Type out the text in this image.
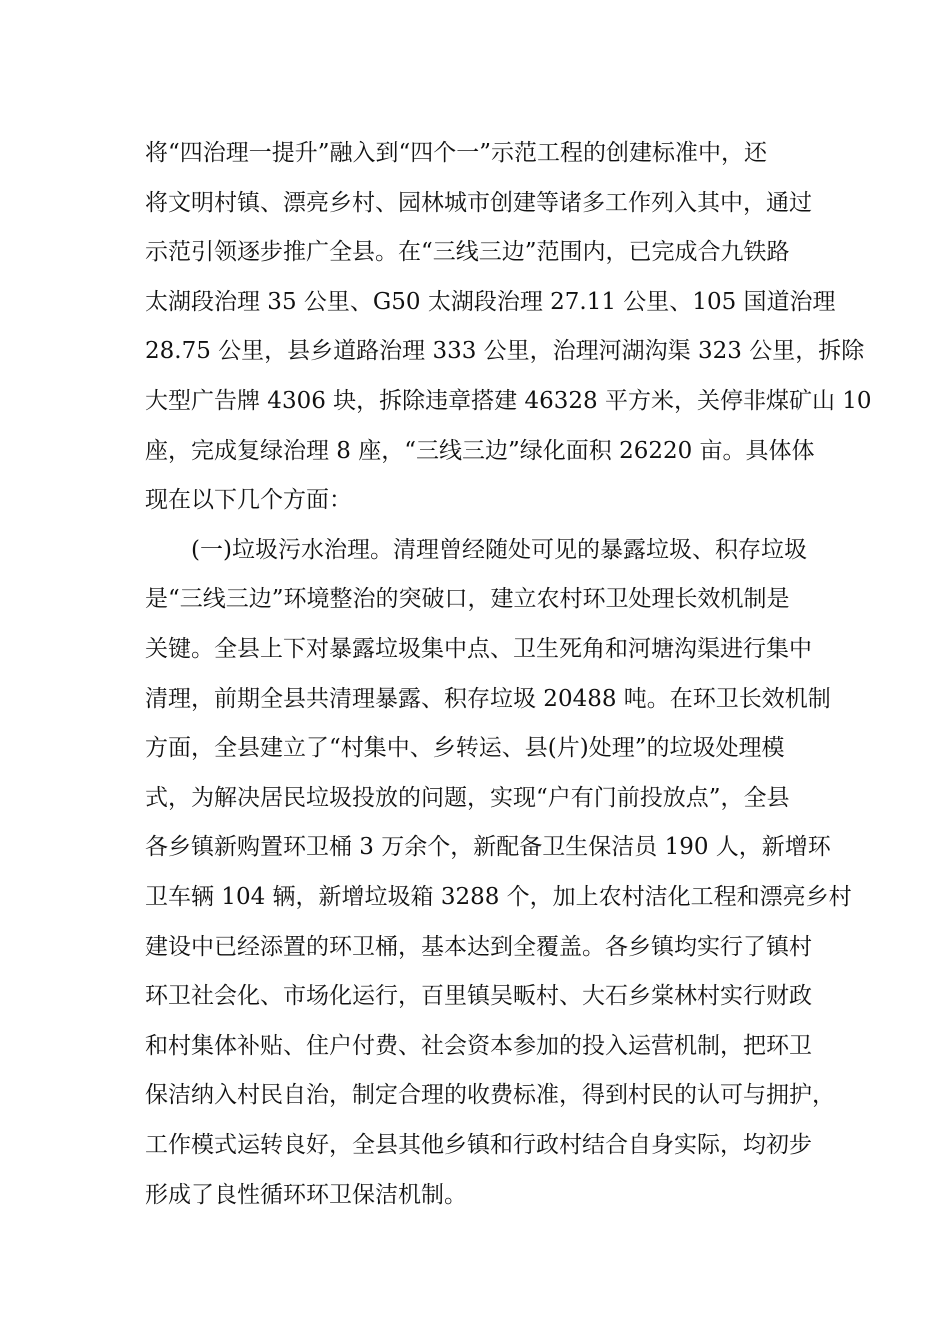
将“四治理一提升”融入到“四个一”示范工程的创建标准中，还
将文明村镇、漂亮乡村、园林城市创建等诸多工作列入其中，通过
示范引领逐步推广全县。在“三线三边”范围内，已完成合九铁路
太湖段治理 35 公里、G50 太湖段治理 27.11 公里、105 国道治理
28.75 公里，县乡道路治理 333 公里，治理河湖沟渠 323 公里，拆除
大型广告牌 4306 块，拆除违章搭建 46328 平方米，关停非煤矿山 10
座，完成复绿治理 8 座，“三线三边”绿化面积 26220 亩。具体体
现在以下几个方面：
(一)垃圾污水治理。清理曾经随处可见的暴露垃圾、积存垃圾
是“三线三边”环境整治的突破口，建立农村环卫处理长效机制是
关键。全县上下对暴露垃圾集中点、卫生死角和河塘沟渠进行集中
清理，前期全县共清理暴露、积存垃圾 20488 吨。在环卫长效机制
方面，全县建立了“村集中、乡转运、县(片)处理”的垃圾处理模
式，为解决居民垃圾投放的问题，实现“户有门前投放点”，全县
各乡镇新购置环卫桶 3 万余个，新配备卫生保洁员 190 人，新增环
卫车辆 104 辆，新增垃圾箱 3288 个，加上农村洁化工程和漂亮乡村
建设中已经添置的环卫桶，基本达到全覆盖。各乡镇均实行了镇村
环卫社会化、市场化运行，百里镇吴畈村、大石乡棠林村实行财政
和村集体补贴、住户付费、社会资本参加的投入运营机制，把环卫
保洁纳入村民自治，制定合理的收费标准，得到村民的认可与拥护，
工作模式运转良好，全县其他乡镇和行政村结合自身实际，均初步
形成了良性循环环卫保洁机制。
